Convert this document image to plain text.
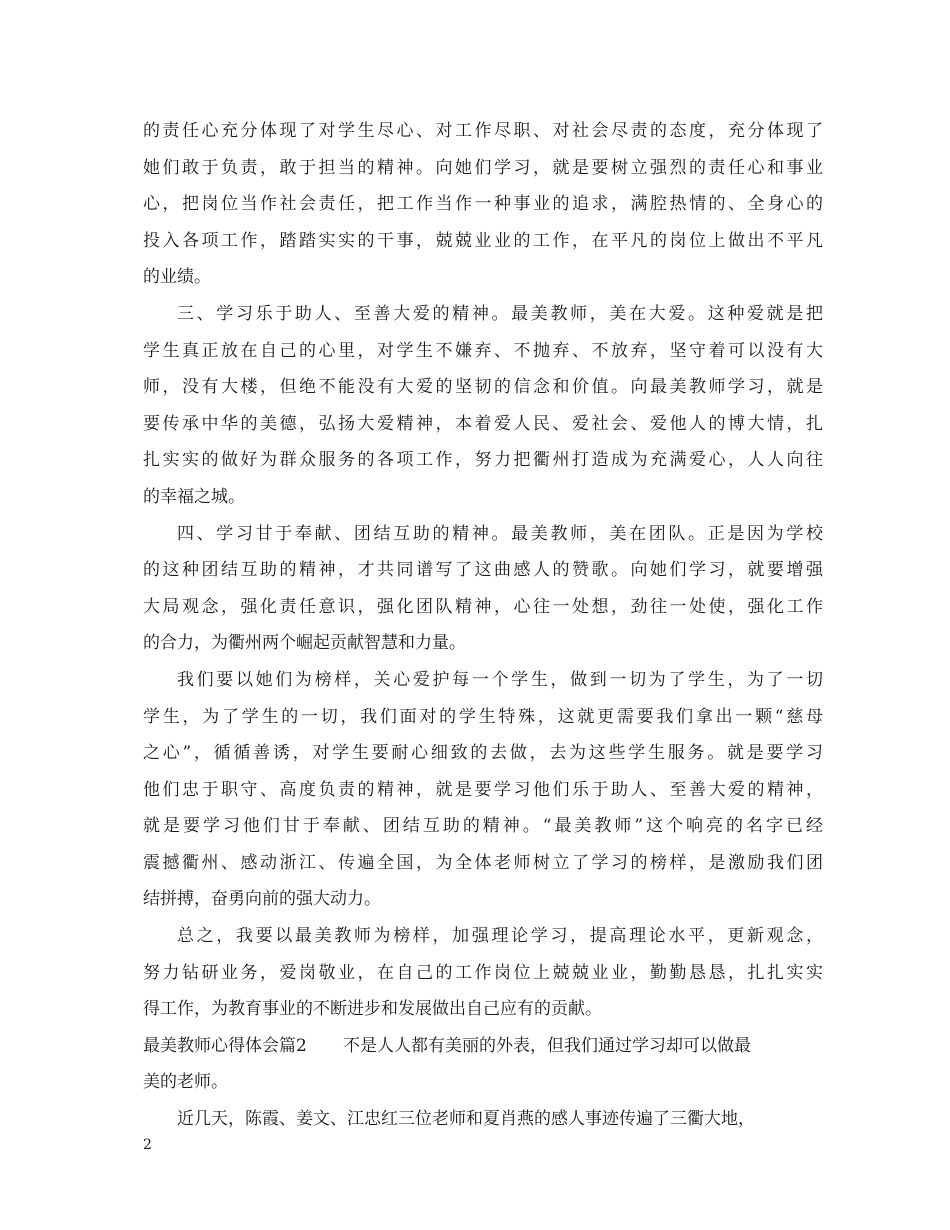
的责任心充分体现了对学生尽心、对工作尽职、对社会尽责的态度，充分体现了
她们敢于负责，敢于担当的精神。向她们学习，就是要树立强烈的责任心和事业
心，把岗位当作社会责任，把工作当作一种事业的追求，满腔热情的、全身心的
投入各项工作，踏踏实实的干事，兢兢业业的工作，在平凡的岗位上做出不平凡
的业绩。
三、学习乐于助人、至善大爱的精神。最美教师，美在大爱。这种爱就是把
学生真正放在自己的心里，对学生不嫌弃、不抛弃、不放弃，坚守着可以没有大
师，没有大楼，但绝不能没有大爱的坚韧的信念和价值。向最美教师学习，就是
要传承中华的美德，弘扬大爱精神，本着爱人民、爱社会、爱他人的博大情，扎
扎实实的做好为群众服务的各项工作，努力把衢州打造成为充满爱心，人人向往
的幸福之城。
四、学习甘于奉献、团结互助的精神。最美教师，美在团队。正是因为学校
的这种团结互助的精神，才共同谱写了这曲感人的赞歌。向她们学习，就要增强
大局观念，强化责任意识，强化团队精神，心往一处想，劲往一处使，强化工作
的合力，为衢州两个崛起贡献智慧和力量。
我们要以她们为榜样，关心爱护每一个学生，做到一切为了学生，为了一切
学生，为了学生的一切，我们面对的学生特殊，这就更需要我们拿出一颗“慈母
之心”，循循善诱，对学生要耐心细致的去做，去为这些学生服务。就是要学习
他们忠于职守、高度负责的精神，就是要学习他们乐于助人、至善大爱的精神，
就是要学习他们甘于奉献、团结互助的精神。“最美教师”这个响亮的名字已经
震撼衢州、感动浙江、传遍全国，为全体老师树立了学习的榜样，是激励我们团
结拼搏，奋勇向前的强大动力。
总之，我要以最美教师为榜样，加强理论学习，提高理论水平，更新观念，
努力钻研业务，爱岗敬业，在自己的工作岗位上兢兢业业，勤勤恳恳，扎扎实实
得工作，为教育事业的不断进步和发展做出自己应有的贡献。
最美教师心得体会篇2 不是人人都有美丽的外表，但我们通过学习却可以做最
美的老师。
近几天，陈霞、姜文、江忠红三位老师和夏肖燕的感人事迹传遍了三衢大地，
2
